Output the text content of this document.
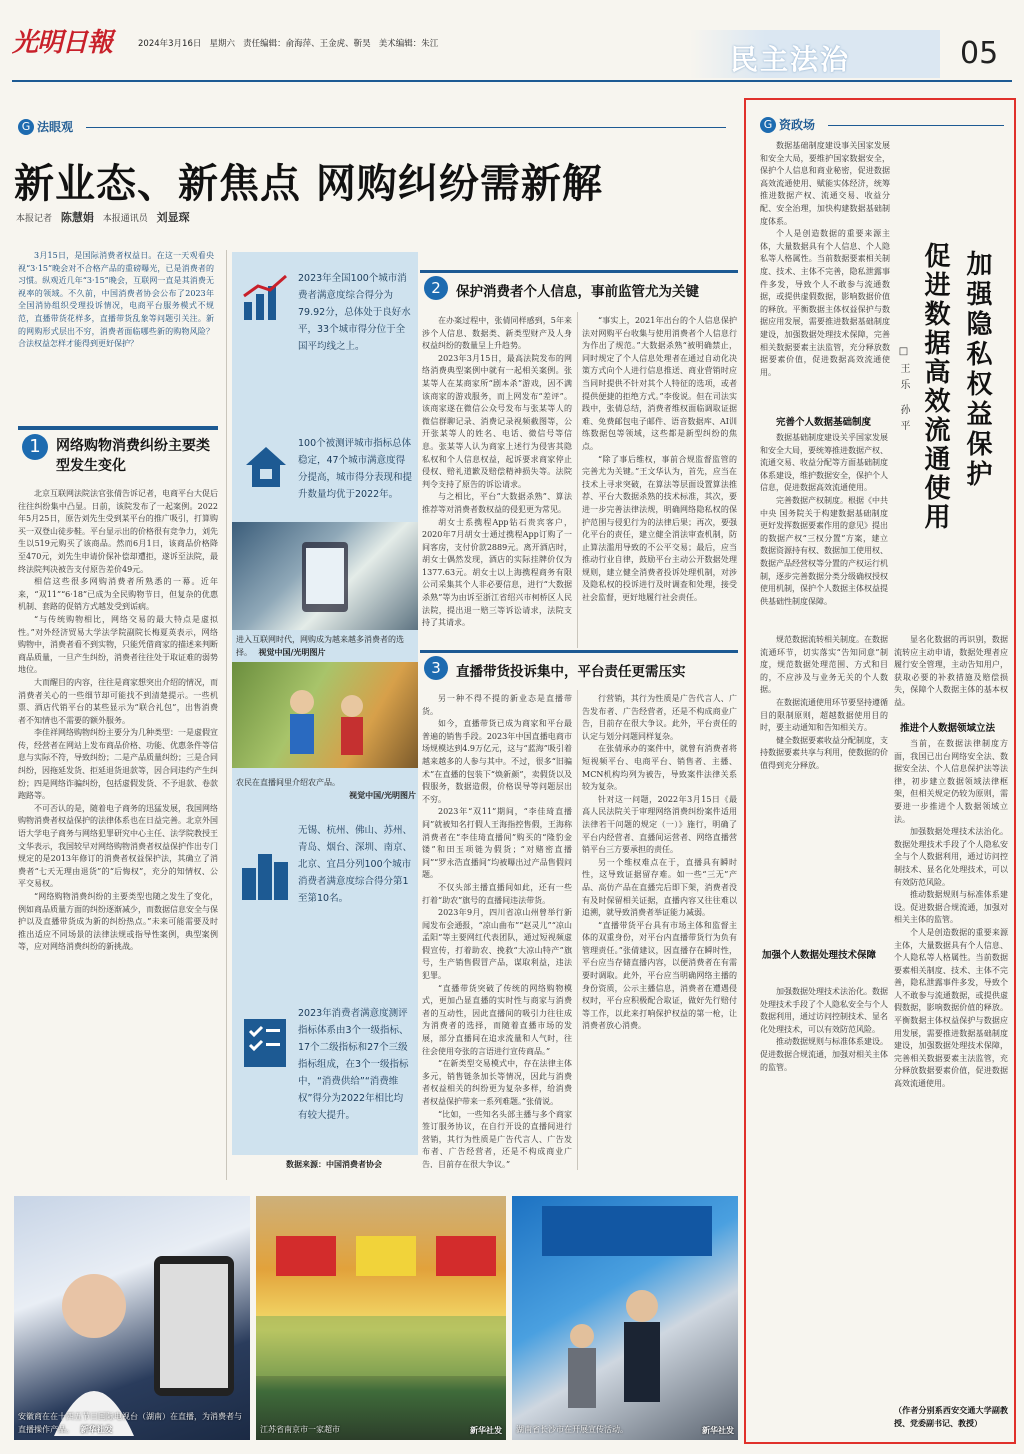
光明日報	2024年3月16日 星期六 责任编辑：俞海萍、王金虎、靳昊 美术编辑：朱江	民主法治	05
G 法眼观
新业态、新焦点 网购纠纷需新解
本报记者 陈慧娟 本报通讯员 刘显琛

3月15日，是国际消费者权益日。在这一天观看央视“3·15”晚会对不合格产品的重磅曝光，已是消费者的习惯。纵观近几年“3·15”晚会，互联网一直是其消费无视率的领域。不久前，中国消费者协会公布了2023年全国消协组织受理投诉情况，电商平台服务模式不规范，直播带货花样多，直播带货乱象等问题引关注。新的网购形式层出不穷，消费者面临哪些新的购物风险？合法权益怎样才能得到更好保护？

1	网络购物消费纠纷主要类型发生变化

北京互联网法院法官张倩告诉记者，电商平台大促后往往纠纷集中凸显。日前，该院发布了一起案例。2022年5月25日，原告刘先生受到某平台的推广吸引，打算购买一双登山徒步鞋。平台显示出的价格很有竞争力，刘先生以519元购买了该商品。然而6月1日，该商品价格降至470元，刘先生申请价保补偿却遭拒，遂诉至法院，最终法院判决被告支付原告差价49元。

相信这些很多网购消费者所熟悉的一幕。近年来，“双11”“6·18”已成为全民购物节日，但复杂的优惠机制、套路的促销方式越发受到诟病。

“与传统购物相比，网络交易的最大特点是虚拟性。”对外经济贸易大学法学院副院长梅夏英表示，网络购物中，消费者看不到实物，只能凭借商家的描述来判断商品质量，一旦产生纠纷，消费者往往处于取证难的弱势地位。

大而醒目的内容，往往是商家想突出介绍的情况，而消费者关心的一些细节却可能找不到清楚提示。一些机票、酒店代销平台的某些显示为“联合礼包”，出售消费者不知情也不需要的额外服务。

李佳祥网络购物纠纷主要分为几种类型：一是虚假宣传，经营者在网站上发布商品价格、功能、优惠条件等信息与实际不符，导致纠纷；二是产品质量纠纷；三是合同纠纷，因拖延发货、拒延退货退款等，因合同违约产生纠纷；四是网络诈骗纠纷，包括虚假发货、不予退款、卷款跑路等。

不可否认的是，随着电子商务的迅猛发展，我国网络购物消费者权益保护的法律体系也在日益完善。北京外国语大学电子商务与网络犯罪研究中心主任、法学院教授王文华表示，我国较早对网络购物消费者权益保护作出专门规定的是2013年修订的消费者权益保护法，其确立了消费者“七天无理由退货”的“后悔权”，充分的知情权、公平交易权。

“网络购物消费纠纷的主要类型也随之发生了变化，例如商品质量方面的纠纷逐渐减少，而数据信息安全与保护以及直播带货成为新的纠纷热点。”未来可能需要及时推出适应不同场景的法律法规或指导性案例，典型案例等，应对网络消费纠纷的新挑战。

2023年全国100个城市消费者满意度综合得分为79.92分，总体处于良好水平，33个城市得分位于全国平均线之上。
100个被测评城市指标总体稳定，47个城市满意度得分提高，城市得分表现和提升数量均优于2022年。
进入互联网时代，网购成为越来越多消费者的选择。 视觉中国/光明图片
农民在直播间里介绍农产品。
视觉中国/光明图片
无锡、杭州、佛山、苏州、青岛、烟台、深圳、南京、北京、宜昌分列100个城市消费者满意度综合得分第1至第10名。
2023年消费者满意度测评指标体系由3个一级指标、17个二级指标和27个三级指标组成，在3个一级指标中，“消费供给”“消费维权”得分为2022年相比均有较大提升。
数据来源：中国消费者协会
2	保护消费者个人信息，事前监管尤为关键

在办案过程中，张倩同样感到，5年来涉个人信息、数据类、新类型财产及人身权益纠纷的数量呈上升趋势。

2023年3月15日，最高法院发布的网络消费典型案例中就有一起相关案例。张某等人在某商家所“剧本杀”游戏，因不满该商家的游戏服务，而上网发布“差评”。该商家遂在微信公众号发布与张某等人的微信群聊记录、消费记录视频截图等，公开张某等人的姓名、电话、微信号等信息。张某等人认为商家上述行为侵害其隐私权和个人信息权益，起诉要求商家停止侵权、赔礼道歉及赔偿精神损失等。法院判令支持了原告的诉讼请求。

与之相比，平台“大数据杀熟”、算法推荐等对消费者数权益的侵犯更为常见。

胡女士系携程App钻石贵宾客户，2020年7月胡女士通过携程App订购了一间客房，支付价款2889元。离开酒店时，胡女士偶然发现，酒店的实际挂牌价仅为1377.63元。胡女士以上海携程商务有限公司采集其个人非必要信息，进行“大数据杀熟”等为由诉至浙江省绍兴市柯桥区人民法院，提出退一赔三等诉讼请求，法院支持了其请求。

“事实上，2021年出台的个人信息保护法对网购平台收集与使用消费者个人信息行为作出了规范。”大数据杀熟“被明确禁止，同时规定了个人信息处理者在通过自动化决策方式向个人进行信息推送、商业营销时应当同时提供不针对其个人特征的选项，或者提供便捷的拒绝方式。”李俊说。但在司法实践中，张倩总结，消费者维权面临调取证据难、免费邮包电子邮件、语音数据库、AI训练数据包等领域，这些都是新型纠纷的焦点。

“除了事后维权，事前合规监督监管的完善尤为关键。”王文华认为，首先，应当在技术上寻求突破，在算法等层面设置算法推荐、平台大数据杀熟的技术标准，其次，要进一步完善法律法规，明确网络隐私权的保护范围与侵犯行为的法律后果；再次，要强化平台的责任，建立健全消法审查机制，防止算法滥用导致的不公平交易；最后，应当推动行业自律，鼓励平台主动公开数据处理规则，建立健全消费者投诉处理机制，对涉及隐私权的投诉进行及时调查和处理，接受社会监督，更好地履行社会责任。

3	直播带货投诉集中，平台责任更需压实

另一种不得不提的新业态是直播带货。

如今，直播带货已成为商家和平台最普遍的销售手段。2023年中国直播电商市场规模达到4.9万亿元，这与“蓝海”吸引着越来越多的人参与其中。不过，很多“旧骗术”在直播的包装下“焕新颜”，卖假货以及假服务，数据造假，价格误导等问题层出不穷。

2023年“双11”期间，“李佳琦直播间”就被知名打假人王海指控售假，王海称消费者在“李佳琦直播间”购买的“隆豹金镂”和田玉项链为假货；“对赌密直播间”“罗永浩直播间”均被曝出过产品售假问题。

不仅头部主播直播间如此，还有一些打着“助农”旗号的直播间违法带货。

2023年9月，四川省凉山州曾举行新闻发布会通报，“凉山曲布”“赵灵儿”“凉山孟阳”等主要网红代表团队，通过短视频虚假宣传，打着助农、挽救“大凉山特产”旗号，生产销售假冒产品，谋取利益，违法犯罪。

“直播带货突破了传统的网络购物模式，更加凸显直播的实时性与商家与消费者的互动性，因此直播间的吸引力往往成为消费者的选择，而随着直播市场的发展，部分直播间在追求流量和人气时，往往会使用夸张的言语进行宣传商品。”

“在新类型交易模式中，存在法律主体多元，销售链条加长等情况，因此与消费者权益相关的纠纷更为复杂多样，给消费者权益保护带来一系列难题。”张倩说。

“比如，一些知名头部主播与多个商家签订服务协议，在自行开设的直播间进行营销，其行为性质是广告代言人、广告发布者、广告经营者，还是不构成商业广告，目前存在很大争议。”

行营销，其行为性质是广告代言人、广告发布者、广告经营者，还是不构成商业广告，目前存在很大争议。此外，平台责任的认定与划分问题同样复杂。

在张倩承办的案件中，就曾有消费者将短视频平台、电商平台、销售者、主播、MCN机构均列为被告，导致案件法律关系较为复杂。

针对这一问题，2022年3月15日《最高人民法院关于审理网络消费纠纷案件适用法律若干问题的规定（一）》施行，明确了平台内经营者、直播间运营者、网络直播营销平台三方要承担的责任。

另一个维权难点在于，直播具有瞬时性，这导致证据留存难。如一些“三无”产品、高仿产品在直播完后即下架，消费者没有及时保留相关证据，直播内容又往往难以追溯，就导致消费者举证能力减弱。

“直播带货平台具有市场主体和监督主体的双重身份，对平台内直播带货行为负有管理责任。”张倩建议，因直播存在瞬时性，平台应当存储直播内容，以便消费者在有需要时调取。此外，平台应当明确网络主播的身份资质，公示主播信息，消费者在遭遇侵权时，平台应积极配合取证，做好先行赔付等工作，以此来打响保护权益的第一枪，让消费者放心消费。

安徽商在在十四五节日国际电视台（湖南）在直播，为消费者与直播操作产品。 新华社发	江苏省南京市一家超市	新华社发 湖南省长沙市在开展宣传活动。	新华社发
G 资政场
加强隐私权益保护
促进数据高效流通使用
□王乐 孙平

数据基础制度建设事关国家发展和安全大局，要维护国家数据安全，保护个人信息和商业秘密，促进数据高效流通使用、赋能实体经济，统筹推进数据产权、流通交易、收益分配、安全治理，加快构建数据基础制度体系。

个人是创造数据的重要来源主体，大量数据具有个人信息、个人隐私等人格属性。当前数据要素相关制度、技术、主体不完善，隐私泄露事件多发，导致个人不敢参与流通数据，或提供虚假数据，影响数据价值的释放。平衡数据主体权益保护与数据应用发展，需要推进数据基础制度建设，加强数据处理技术保障，完善相关数据要素主法监管，充分释放数据要素价值，促进数据高效流通使用。

完善个人数据基础制度

数据基础制度建设关乎国家发展和安全大局，要统筹推进数据产权、流通交易、收益分配等方面基础制度体系建设，维护数据安全，保护个人信息，促进数据高效流通使用。

完善数据产权制度。根据《中共中央 国务院关于构建数据基础制度更好发挥数据要素作用的意见》提出的数据产权“三权分置”方案，建立数据资源持有权、数据加工使用权、数据产品经营权等分置的产权运行机制，逐步完善数据分类分级确权授权使用机制，保护个人数据主体权益提供基础性制度保障。

规范数据流转相关制度。在数据流通环节，切实落实“告知同意”制度，规范数据处理范围、方式和目的，不应涉及与业务无关的个人数据。

在数据流通使用环节要坚持遵循目的限制原则，超越数据使用目的时，要主动通知和告知相关方。

健全数据要素收益分配制度，支持数据要素共享与利用，使数据的价值得到充分释放。

加强个人数据处理技术保障

加强数据处理技术法治化。数据处理技术手段了个人隐私安全与个人数据利用，通过访问控制技术、显名化处理技术，可以有效防范风险。

推动数据规则与标准体系建设。促进数据合规流通，加强对相关主体的监管。

显名化数据的再识别，数据流转应主动申请，数据处理者应履行安全管理，主动告知用户，获取必要的补救措施及赔偿损失，保障个人数据主体的基本权益。

推进个人数据领域立法

当前，在数据法律制度方面，我国已出台网络安全法、数据安全法、个人信息保护法等法律，初步建立数据领域法律框架，但相关规定仍较为原则，需要进一步推进个人数据领域立法。

加强数据处理技术法治化。数据处理技术手段了个人隐私安全与个人数据利用，通过访问控制技术、显名化处理技术，可以有效防范风险。

推动数据规则与标准体系建设。促进数据合规流通，加强对相关主体的监管。

个人是创造数据的重要来源主体，大量数据具有个人信息、个人隐私等人格属性。当前数据要素相关制度、技术、主体不完善，隐私泄露事件多发，导致个人不敢参与流通数据，或提供虚假数据，影响数据价值的释放。平衡数据主体权益保护与数据应用发展，需要推进数据基础制度建设，加强数据处理技术保障，完善相关数据要素主法监管，充分释放数据要素价值，促进数据高效流通使用。

（作者分别系西安交通大学副教授、党委副书记、教授）
